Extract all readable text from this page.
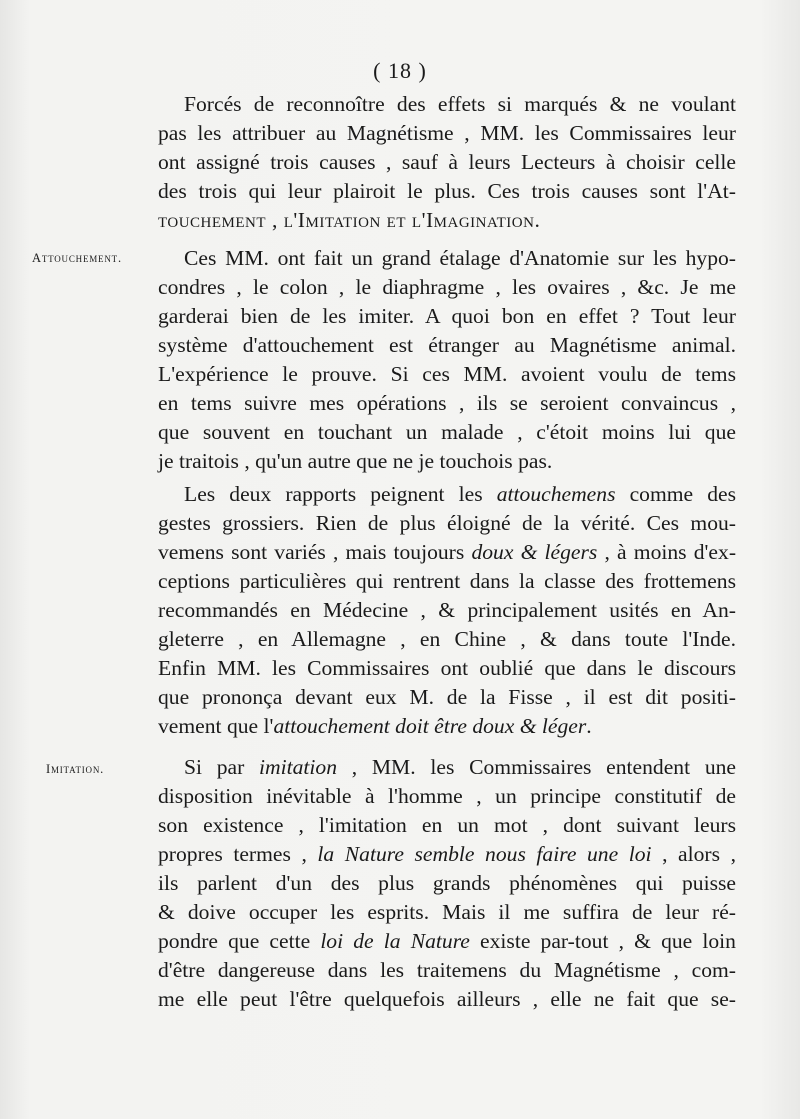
( 18 )
Forcés de reconnoître des effets si marqués & ne voulant
pas les attribuer au Magnétisme , MM. les Commissaires leur
ont assigné trois causes , sauf à leurs Lecteurs à choisir celle
des trois qui leur plairoit le plus. Ces trois causes sont l'At-
touchement , l'Imitation et l'Imagination.
Attouchement.	Ces MM. ont fait un grand étalage d'Anatomie sur les hypo-
condres , le colon , le diaphragme , les ovaires , &c. Je me
garderai bien de les imiter. A quoi bon en effet ? Tout leur
système d'attouchement est étranger au Magnétisme animal.
L'expérience le prouve. Si ces MM. avoient voulu de tems
en tems suivre mes opérations , ils se seroient convaincus ,
que souvent en touchant un malade , c'étoit moins lui que
je traitois , qu'un autre que ne je touchois pas.
Les deux rapports peignent les attouchemens comme des
gestes grossiers. Rien de plus éloigné de la vérité. Ces mou-
vemens sont variés , mais toujours doux & légers , à moins d'ex-
ceptions particulières qui rentrent dans la classe des frottemens
recommandés en Médecine , & principalement usités en An-
gleterre , en Allemagne , en Chine , & dans toute l'Inde.
Enfin MM. les Commissaires ont oublié que dans le discours
que prononça devant eux M. de la Fisse , il est dit positi-
vement que l'attouchement doit être doux & léger.
Imitation.	Si par imitation , MM. les Commissaires entendent une
disposition inévitable à l'homme , un principe constitutif de
son existence , l'imitation en un mot , dont suivant leurs
propres termes , la Nature semble nous faire une loi , alors ,
ils parlent d'un des plus grands phénomènes qui puisse
& doive occuper les esprits. Mais il me suffira de leur ré-
pondre que cette loi de la Nature existe par-tout , & que loin
d'être dangereuse dans les traitemens du Magnétisme , com-
me elle peut l'être quelquefois ailleurs , elle ne fait que se-
